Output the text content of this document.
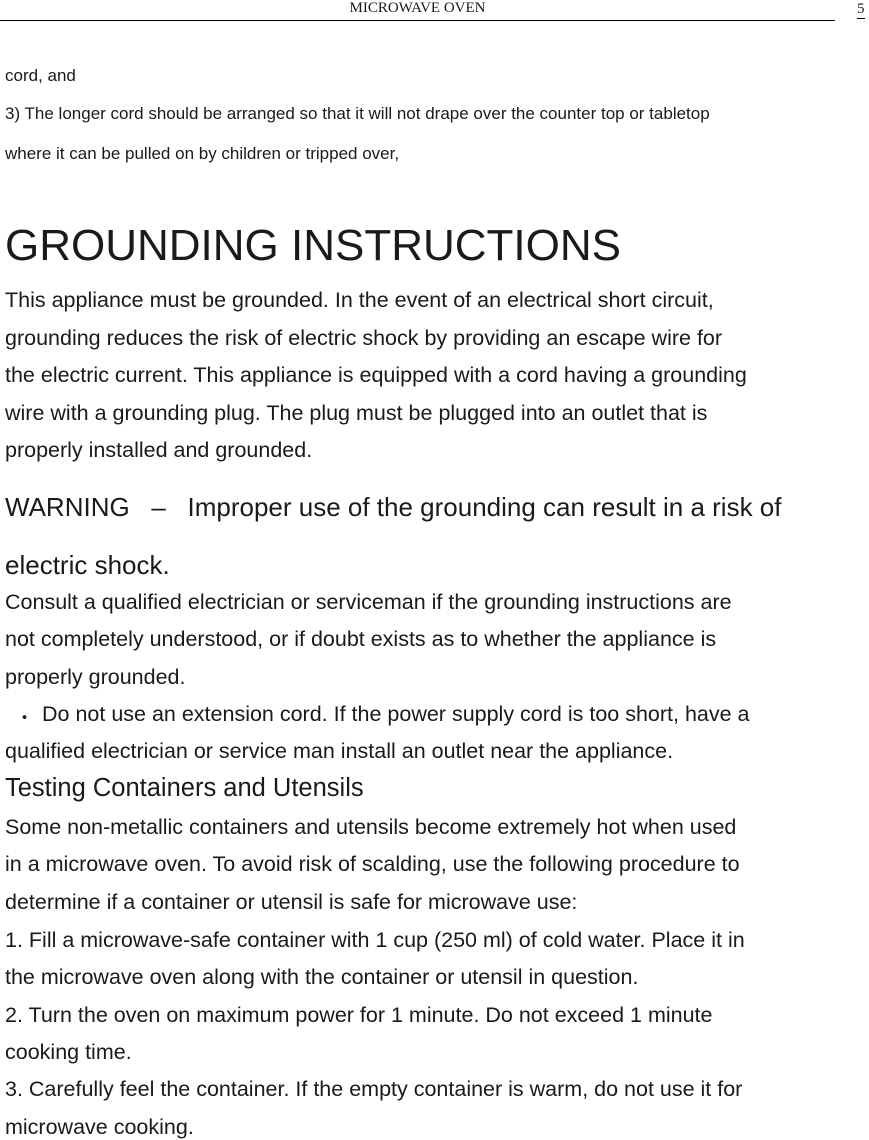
MICROWAVE OVEN	5
cord, and
3) The longer cord should be arranged so that it will not drape over the counter top or tabletop
where it can be pulled on by children or tripped over,
GROUNDING INSTRUCTIONS
This appliance must be grounded. In the event of an electrical short circuit,
grounding reduces the risk of electric shock by providing an escape wire for
the electric current. This appliance is equipped with a cord having a grounding
wire with a grounding plug. The plug must be plugged into an outlet that is
properly installed and grounded.
WARNING   –   Improper use of the grounding can result in a risk of
electric shock.
Consult a qualified electrician or serviceman if the grounding instructions are
not completely understood, or if doubt exists as to whether the appliance is
properly grounded.
・ Do not use an extension cord. If the power supply cord is too short, have a
qualified electrician or service man install an outlet near the appliance.
Testing Containers and Utensils
Some non-metallic containers and utensils become extremely hot when used
in a microwave oven. To avoid risk of scalding, use the following procedure to
determine if a container or utensil is safe for microwave use:
1. Fill a microwave-safe container with 1 cup (250 ml) of cold water. Place it in
the microwave oven along with the container or utensil in question.
2. Turn the oven on maximum power for 1 minute. Do not exceed 1 minute
cooking time.
3. Carefully feel the container. If the empty container is warm, do not use it for
microwave cooking.
